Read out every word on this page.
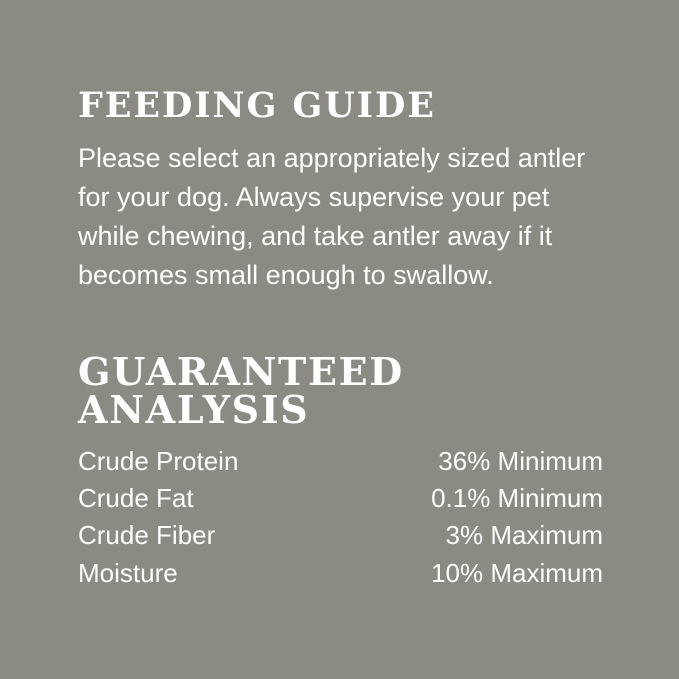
FEEDING GUIDE

Please select an appropriately sized antler for your dog. Always supervise your pet while chewing, and take antler away if it becomes small enough to swallow.

GUARANTEED ANALYSIS
Crude Protein	36% Minimum
Crude Fat	0.1% Minimum
Crude Fiber	3% Maximum
Moisture	10% Maximum
